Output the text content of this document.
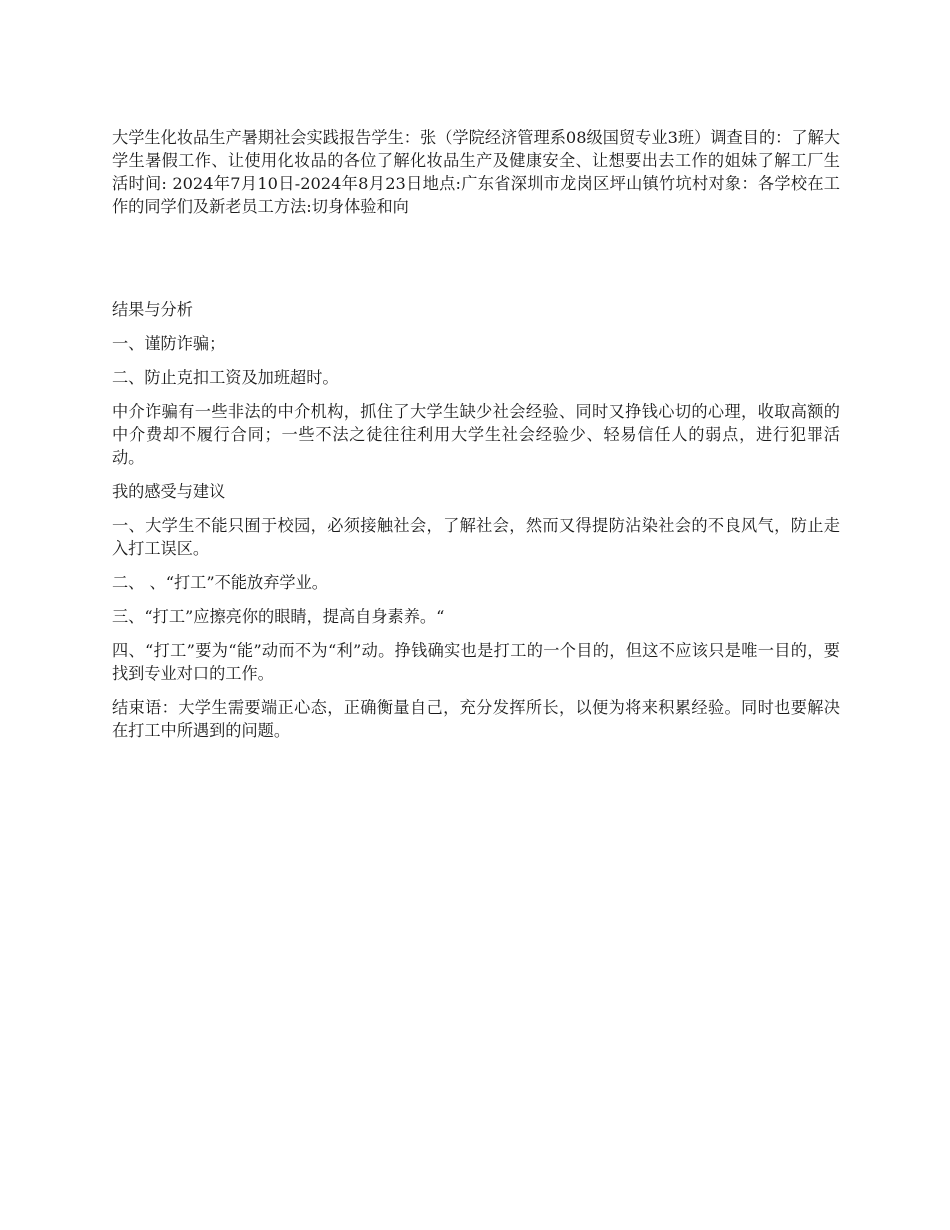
大学生化妆品生产暑期社会实践报告学生：张（学院经济管理系08级国贸专业3班）调查目的：了解大学生暑假工作、让使用化妆品的各位了解化妆品生产及健康安全、让想要出去工作的姐妹了解工厂生活时间: 2024年7月10日-2024年8月23日地点:广东省深圳市龙岗区坪山镇竹坑村对象：各学校在工作的同学们及新老员工方法:切身体验和向

结果与分析

一、谨防诈骗；

二、防止克扣工资及加班超时。

中介诈骗有一些非法的中介机构，抓住了大学生缺少社会经验、同时又挣钱心切的心理，收取高额的中介费却不履行合同；一些不法之徒往往利用大学生社会经验少、轻易信任人的弱点，进行犯罪活动。

我的感受与建议

一、大学生不能只囿于校园，必须接触社会，了解社会，然而又得提防沾染社会的不良风气，防止走入打工误区。

二、 、“打工”不能放弃学业。

三、“打工”应擦亮你的眼睛，提高自身素养。“

四、“打工”要为“能”动而不为“利”动。挣钱确实也是打工的一个目的，但这不应该只是唯一目的，要找到专业对口的工作。

结束语：大学生需要端正心态，正确衡量自己，充分发挥所长，以便为将来积累经验。同时也要解决在打工中所遇到的问题。
